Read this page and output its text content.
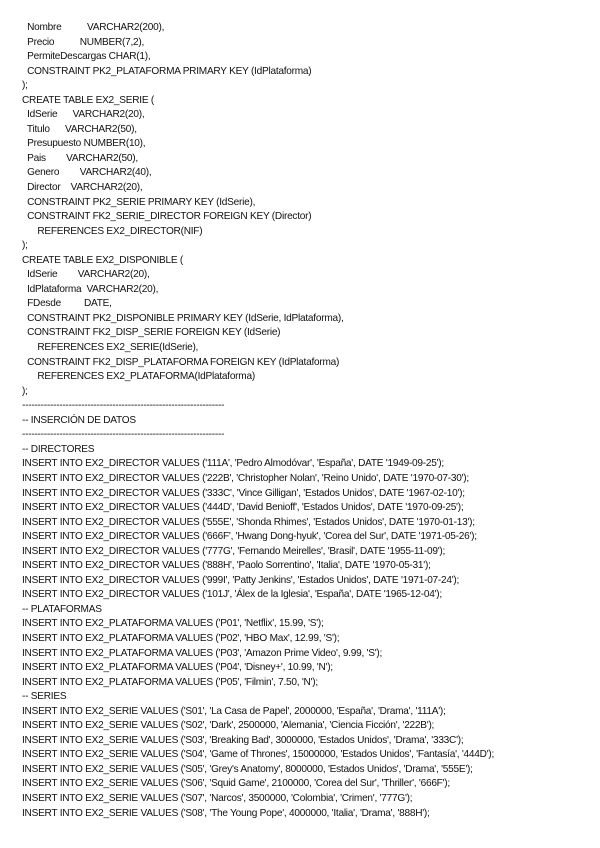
Nombre          VARCHAR2(200),
Precio          NUMBER(7,2),
PermiteDescargas CHAR(1),
CONSTRAINT PK2_PLATAFORMA PRIMARY KEY (IdPlataforma)
);
CREATE TABLE EX2_SERIE (
IdSerie      VARCHAR2(20),
Titulo      VARCHAR2(50),
Presupuesto NUMBER(10),
Pais        VARCHAR2(50),
Genero        VARCHAR2(40),
Director    VARCHAR2(20),
CONSTRAINT PK2_SERIE PRIMARY KEY (IdSerie),
CONSTRAINT FK2_SERIE_DIRECTOR FOREIGN KEY (Director)
REFERENCES EX2_DIRECTOR(NIF)
);
CREATE TABLE EX2_DISPONIBLE (
IdSerie        VARCHAR2(20),
IdPlataforma  VARCHAR2(20),
FDesde         DATE,
CONSTRAINT PK2_DISPONIBLE PRIMARY KEY (IdSerie, IdPlataforma),
CONSTRAINT FK2_DISP_SERIE FOREIGN KEY (IdSerie)
REFERENCES EX2_SERIE(IdSerie),
CONSTRAINT FK2_DISP_PLATAFORMA FOREIGN KEY (IdPlataforma)
REFERENCES EX2_PLATAFORMA(IdPlataforma)
);
-----------------------------------------------------------------
-- INSERCIÓN DE DATOS
-----------------------------------------------------------------
-- DIRECTORES
INSERT INTO EX2_DIRECTOR VALUES ('111A', 'Pedro Almodóvar', 'España', DATE '1949-09-25');
INSERT INTO EX2_DIRECTOR VALUES ('222B', 'Christopher Nolan', 'Reino Unido', DATE '1970-07-30');
INSERT INTO EX2_DIRECTOR VALUES ('333C', 'Vince Gilligan', 'Estados Unidos', DATE '1967-02-10');
INSERT INTO EX2_DIRECTOR VALUES ('444D', 'David Benioff', 'Estados Unidos', DATE '1970-09-25');
INSERT INTO EX2_DIRECTOR VALUES ('555E', 'Shonda Rhimes', 'Estados Unidos', DATE '1970-01-13');
INSERT INTO EX2_DIRECTOR VALUES ('666F', 'Hwang Dong-hyuk', 'Corea del Sur', DATE '1971-05-26');
INSERT INTO EX2_DIRECTOR VALUES ('777G', 'Fernando Meirelles', 'Brasil', DATE '1955-11-09');
INSERT INTO EX2_DIRECTOR VALUES ('888H', 'Paolo Sorrentino', 'Italia', DATE '1970-05-31');
INSERT INTO EX2_DIRECTOR VALUES ('999I', 'Patty Jenkins', 'Estados Unidos', DATE '1971-07-24');
INSERT INTO EX2_DIRECTOR VALUES ('101J', 'Álex de la Iglesia', 'España', DATE '1965-12-04');
-- PLATAFORMAS
INSERT INTO EX2_PLATAFORMA VALUES ('P01', 'Netflix', 15.99, 'S');
INSERT INTO EX2_PLATAFORMA VALUES ('P02', 'HBO Max', 12.99, 'S');
INSERT INTO EX2_PLATAFORMA VALUES ('P03', 'Amazon Prime Video', 9.99, 'S');
INSERT INTO EX2_PLATAFORMA VALUES ('P04', 'Disney+', 10.99, 'N');
INSERT INTO EX2_PLATAFORMA VALUES ('P05', 'Filmin', 7.50, 'N');
-- SERIES
INSERT INTO EX2_SERIE VALUES ('S01', 'La Casa de Papel', 2000000, 'España', 'Drama', '111A');
INSERT INTO EX2_SERIE VALUES ('S02', 'Dark', 2500000, 'Alemania', 'Ciencia Ficción', '222B');
INSERT INTO EX2_SERIE VALUES ('S03', 'Breaking Bad', 3000000, 'Estados Unidos', 'Drama', '333C');
INSERT INTO EX2_SERIE VALUES ('S04', 'Game of Thrones', 15000000, 'Estados Unidos', 'Fantasía', '444D');
INSERT INTO EX2_SERIE VALUES ('S05', 'Grey's Anatomy', 8000000, 'Estados Unidos', 'Drama', '555E');
INSERT INTO EX2_SERIE VALUES ('S06', 'Squid Game', 2100000, 'Corea del Sur', 'Thriller', '666F');
INSERT INTO EX2_SERIE VALUES ('S07', 'Narcos', 3500000, 'Colombia', 'Crimen', '777G');
INSERT INTO EX2_SERIE VALUES ('S08', 'The Young Pope', 4000000, 'Italia', 'Drama', '888H');
